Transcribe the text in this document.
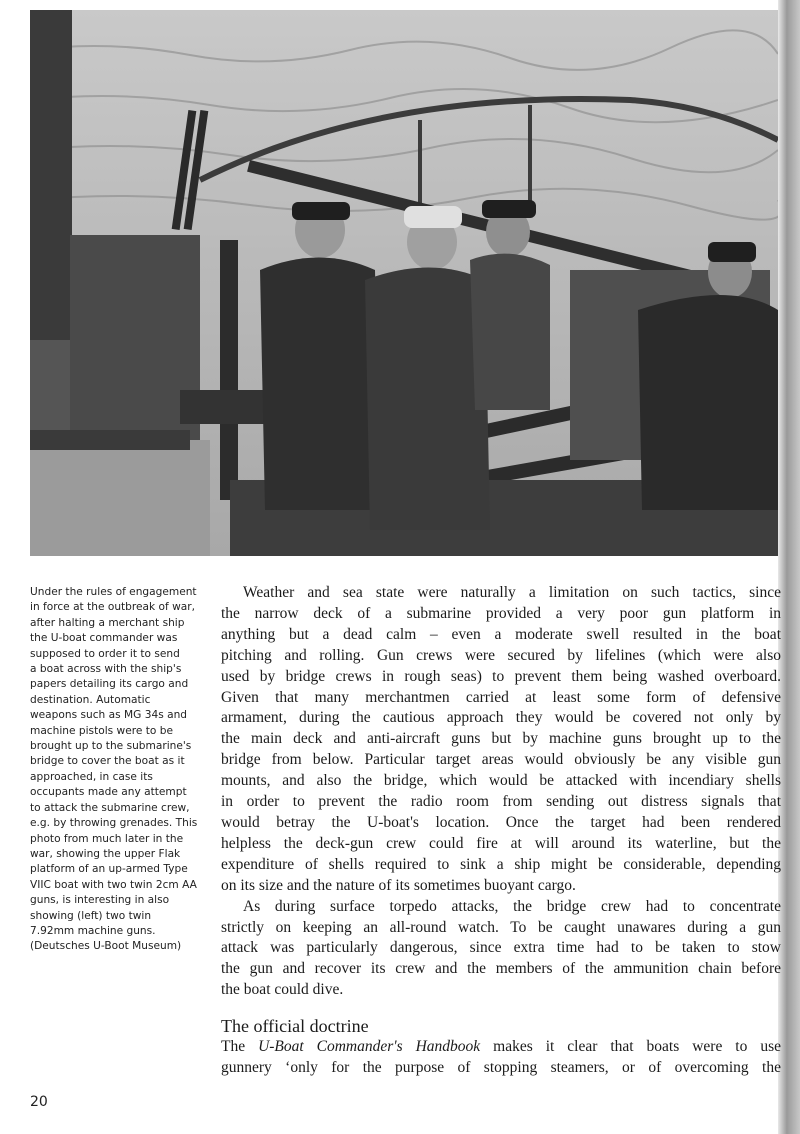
Under the rules of engagement
in force at the outbreak of war,
after halting a merchant ship
the U-boat commander was
supposed to order it to send
a boat across with the ship's
papers detailing its cargo and
destination. Automatic
weapons such as MG 34s and
machine pistols were to be
brought up to the submarine's
bridge to cover the boat as it
approached, in case its
occupants made any attempt
to attack the submarine crew,
e.g. by throwing grenades. This
photo from much later in the
war, showing the upper Flak
platform of an up-armed Type
VIIC boat with two twin 2cm AA
guns, is interesting in also
showing (left) two twin
7.92mm machine guns.
(Deutsches U-Boot Museum)
Weather and sea state were naturally a limitation on such tactics, since
the narrow deck of a submarine provided a very poor gun platform in
anything but a dead calm – even a moderate swell resulted in the boat
pitching and rolling. Gun crews were secured by lifelines (which were also
used by bridge crews in rough seas) to prevent them being washed overboard.
Given that many merchantmen carried at least some form of defensive
armament, during the cautious approach they would be covered not only by
the main deck and anti-aircraft guns but by machine guns brought up to the
bridge from below. Particular target areas would obviously be any visible gun
mounts, and also the bridge, which would be attacked with incendiary shells
in order to prevent the radio room from sending out distress signals that
would betray the U-boat's location. Once the target had been rendered
helpless the deck-gun crew could fire at will around its waterline, but the
expenditure of shells required to sink a ship might be considerable, depending
on its size and the nature of its sometimes buoyant cargo.
As during surface torpedo attacks, the bridge crew had to concentrate
strictly on keeping an all-round watch. To be caught unawares during a gun
attack was particularly dangerous, since extra time had to be taken to stow
the gun and recover its crew and the members of the ammunition chain before
the boat could dive.
The official doctrine
The U-Boat Commander's Handbook makes it clear that boats were to use
gunnery ‘only for the purpose of stopping steamers, or of overcoming the
20
